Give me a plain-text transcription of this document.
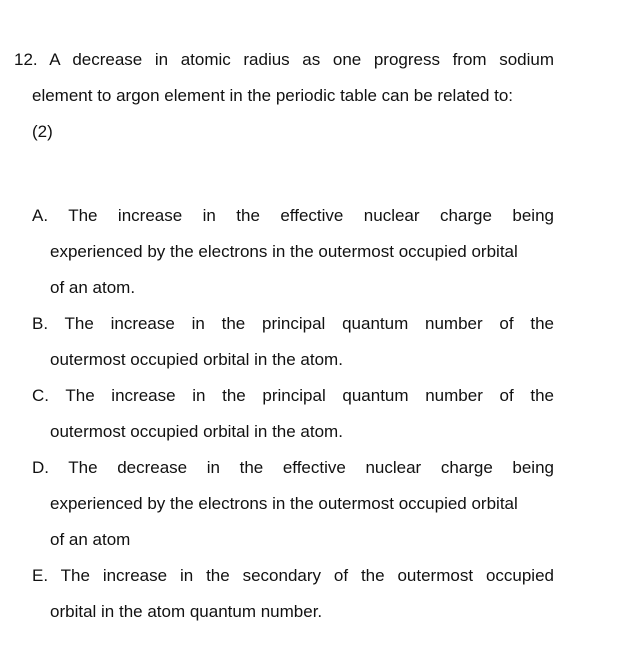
12. A decrease in atomic radius as one progress from sodium
element to argon element in the periodic table can be related to:
(2)
A. The increase in the effective nuclear charge being
experienced by the electrons in the outermost occupied orbital
of an atom.
B. The increase in the principal quantum number of the
outermost occupied orbital in the atom.
C. The increase in the principal quantum number of the
outermost occupied orbital in the atom.
D. The decrease in the effective nuclear charge being
experienced by the electrons in the outermost occupied orbital
of an atom
E. The increase in the secondary of the outermost occupied
orbital in the atom quantum number.
